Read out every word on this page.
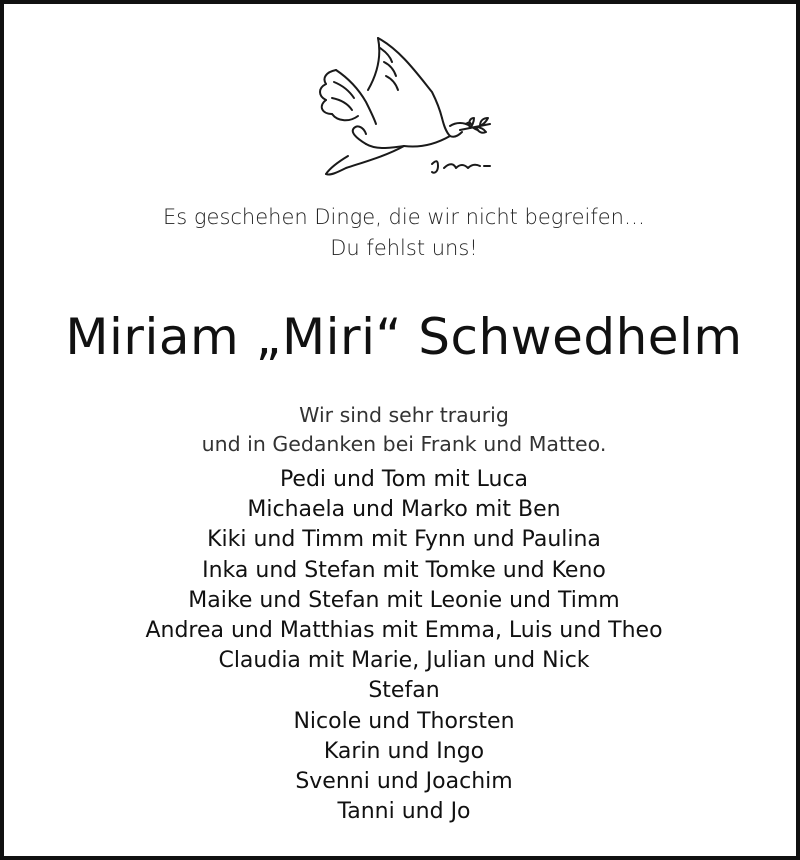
Es geschehen Dinge, die wir nicht begreifen…
Du fehlst uns!
Miriam „Miri“ Schwedhelm
Wir sind sehr traurig
und in Gedanken bei Frank und Matteo.
Pedi und Tom mit Luca
Michaela und Marko mit Ben
Kiki und Timm mit Fynn und Paulina
Inka und Stefan mit Tomke und Keno
Maike und Stefan mit Leonie und Timm
Andrea und Matthias mit Emma, Luis und Theo
Claudia mit Marie, Julian und Nick
Stefan
Nicole und Thorsten
Karin und Ingo
Svenni und Joachim
Tanni und Jo
